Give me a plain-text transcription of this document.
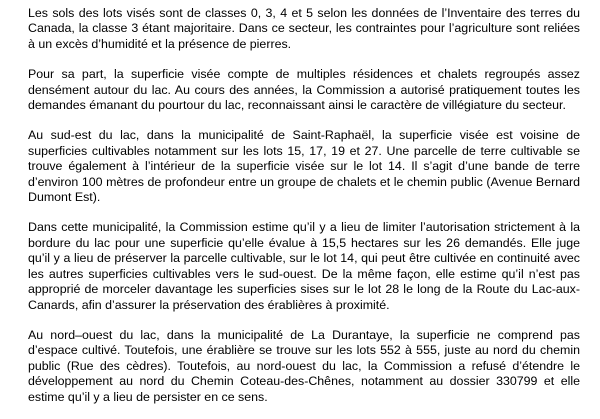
Les sols des lots visés sont de classes 0, 3, 4 et 5 selon les données de l’Inventaire des terres du Canada, la classe 3 étant majoritaire. Dans ce secteur, les contraintes pour l’agriculture sont reliées à un excès d’humidité et la présence de pierres.

Pour sa part, la superficie visée compte de multiples résidences et chalets regroupés assez densément autour du lac. Au cours des années, la Commission a autorisé pratiquement toutes les demandes émanant du pourtour du lac, reconnaissant ainsi le caractère de villégiature du secteur.

Au sud-est du lac, dans la municipalité de Saint-Raphaël, la superficie visée est voisine de superficies cultivables notamment sur les lots 15, 17, 19 et 27. Une parcelle de terre cultivable se trouve également à l’intérieur de la superficie visée sur le lot 14. Il s’agit d’une bande de terre d’environ 100 mètres de profondeur entre un groupe de chalets et le chemin public (Avenue Bernard Dumont Est).

Dans cette municipalité, la Commission estime qu’il y a lieu de limiter l’autorisation strictement à la bordure du lac pour une superficie qu’elle évalue à 15,5 hectares sur les 26 demandés. Elle juge qu’il y a lieu de préserver la parcelle cultivable, sur le lot 14, qui peut être cultivée en continuité avec les autres superficies cultivables vers le sud-ouest. De la même façon, elle estime qu’il n’est pas approprié de morceler davantage les superficies sises sur le lot 28 le long de la Route du Lac-aux-Canards, afin d’assurer la préservation des érablières à proximité.

Au nord–ouest du lac, dans la municipalité de La Durantaye, la superficie ne comprend pas d’espace cultivé. Toutefois, une érablière se trouve sur les lots 552 à 555, juste au nord du chemin public (Rue des cèdres). Toutefois, au nord-ouest du lac, la Commission a refusé d’étendre le développement au nord du Chemin Coteau-des-Chênes, notamment au dossier 330799 et elle estime qu’il y a lieu de persister en ce sens.
